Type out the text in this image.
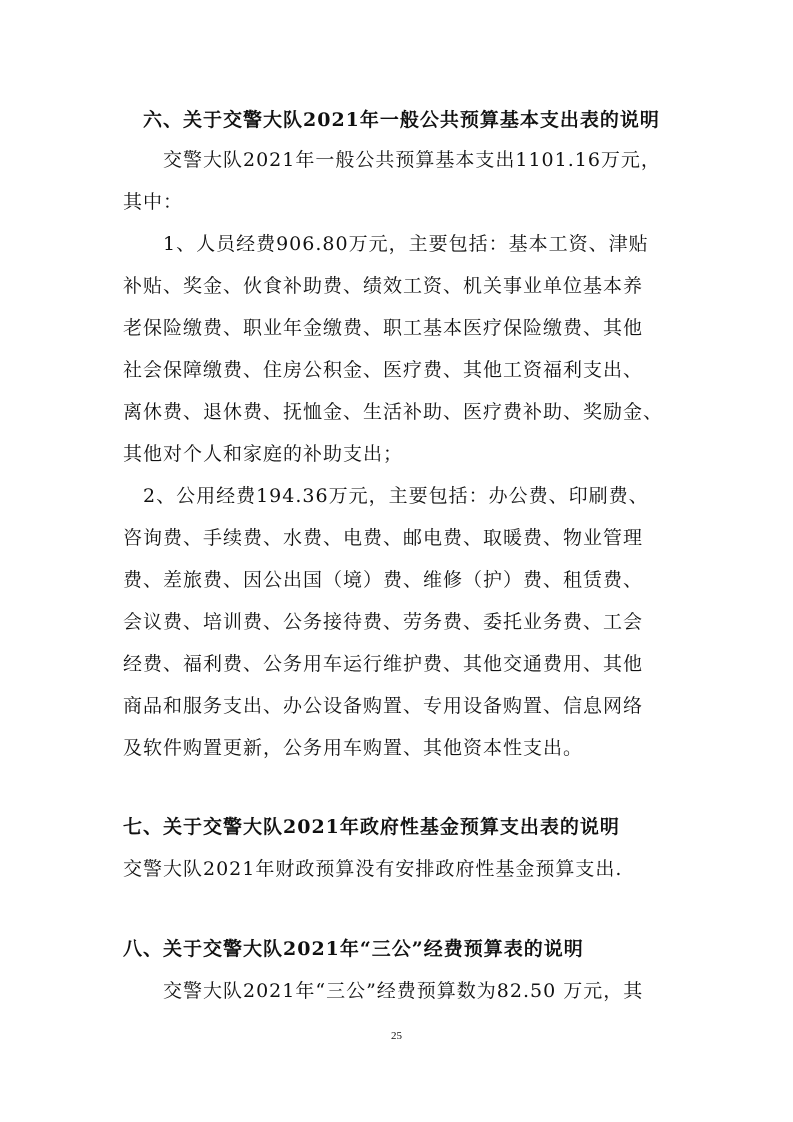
六、关于交警大队2021年一般公共预算基本支出表的说明
交警大队2021年一般公共预算基本支出1101.16万元，
其中：
1、人员经费906.80万元，主要包括：基本工资、津贴
补贴、奖金、伙食补助费、绩效工资、机关事业单位基本养
老保险缴费、职业年金缴费、职工基本医疗保险缴费、其他
社会保障缴费、住房公积金、医疗费、其他工资福利支出、
离休费、退休费、抚恤金、生活补助、医疗费补助、奖励金、
其他对个人和家庭的补助支出；
2、公用经费194.36万元，主要包括：办公费、印刷费、
咨询费、手续费、水费、电费、邮电费、取暖费、物业管理
费、差旅费、因公出国（境）费、维修（护）费、租赁费、
会议费、培训费、公务接待费、劳务费、委托业务费、工会
经费、福利费、公务用车运行维护费、其他交通费用、其他
商品和服务支出、办公设备购置、专用设备购置、信息网络
及软件购置更新，公务用车购置、其他资本性支出。
七、关于交警大队2021年政府性基金预算支出表的说明
交警大队2021年财政预算没有安排政府性基金预算支出.
八、关于交警大队2021年“三公”经费预算表的说明
交警大队2021年“三公”经费预算数为82.50 万元，其
25
